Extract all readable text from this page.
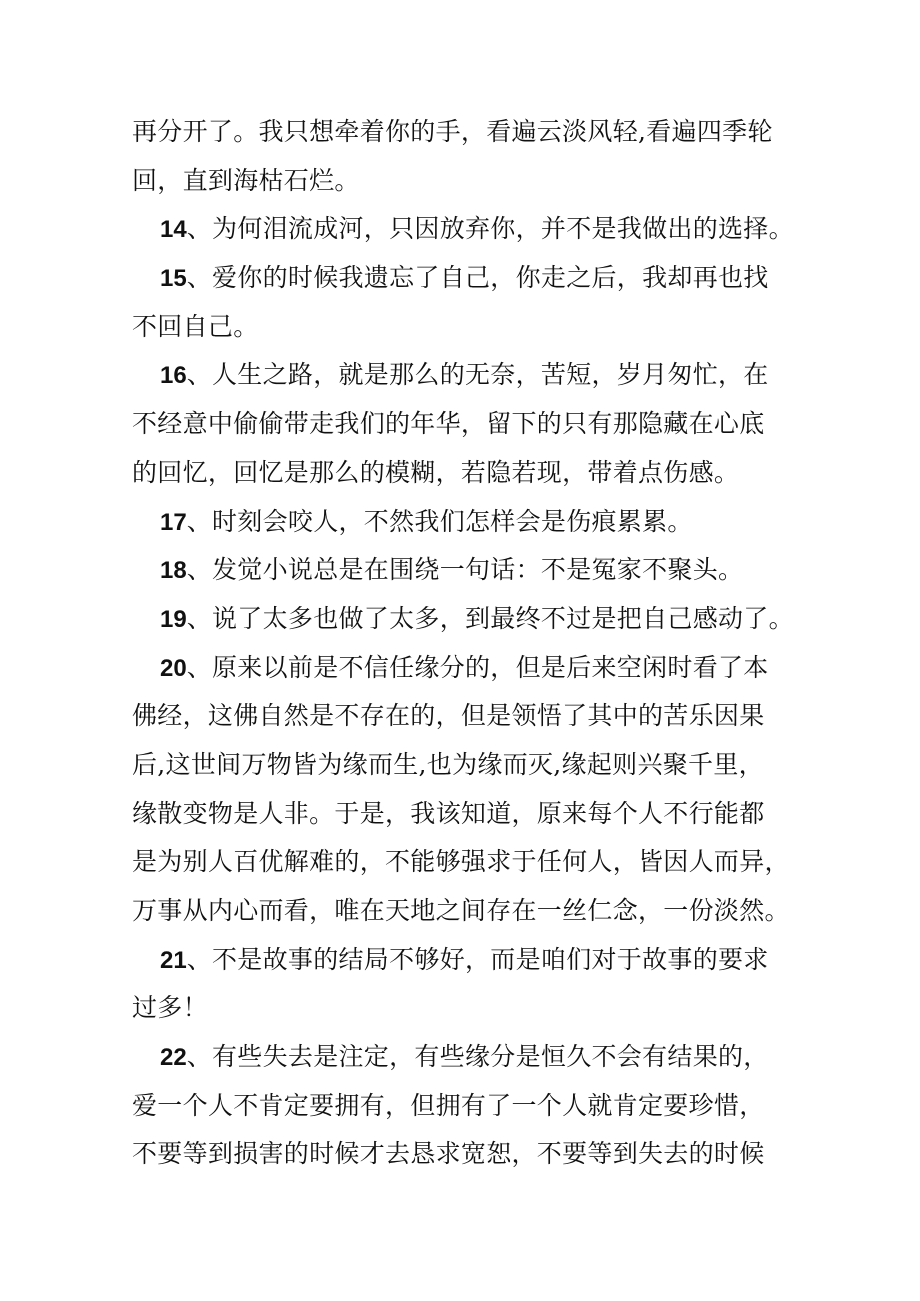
再分开了。我只想牵着你的手，看遍云淡风轻,看遍四季轮
回，直到海枯石烂。
14、为何泪流成河，只因放弃你，并不是我做出的选择。
15、爱你的时候我遗忘了自己，你走之后，我却再也找
不回自己。
16、人生之路，就是那么的无奈，苦短，岁月匆忙，在
不经意中偷偷带走我们的年华，留下的只有那隐藏在心底
的回忆，回忆是那么的模糊，若隐若现，带着点伤感。
17、时刻会咬人，不然我们怎样会是伤痕累累。
18、发觉小说总是在围绕一句话：不是冤家不聚头。
19、说了太多也做了太多，到最终不过是把自己感动了。
20、原来以前是不信任缘分的，但是后来空闲时看了本
佛经，这佛自然是不存在的，但是领悟了其中的苦乐因果
后,这世间万物皆为缘而生,也为缘而灭,缘起则兴聚千里，
缘散变物是人非。于是，我该知道，原来每个人不行能都
是为别人百优解难的，不能够强求于任何人，皆因人而异，
万事从内心而看，唯在天地之间存在一丝仁念，一份淡然。
21、不是故事的结局不够好，而是咱们对于故事的要求
过多！
22、有些失去是注定，有些缘分是恒久不会有结果的，
爱一个人不肯定要拥有，但拥有了一个人就肯定要珍惜，
不要等到损害的时候才去恳求宽恕，不要等到失去的时候
